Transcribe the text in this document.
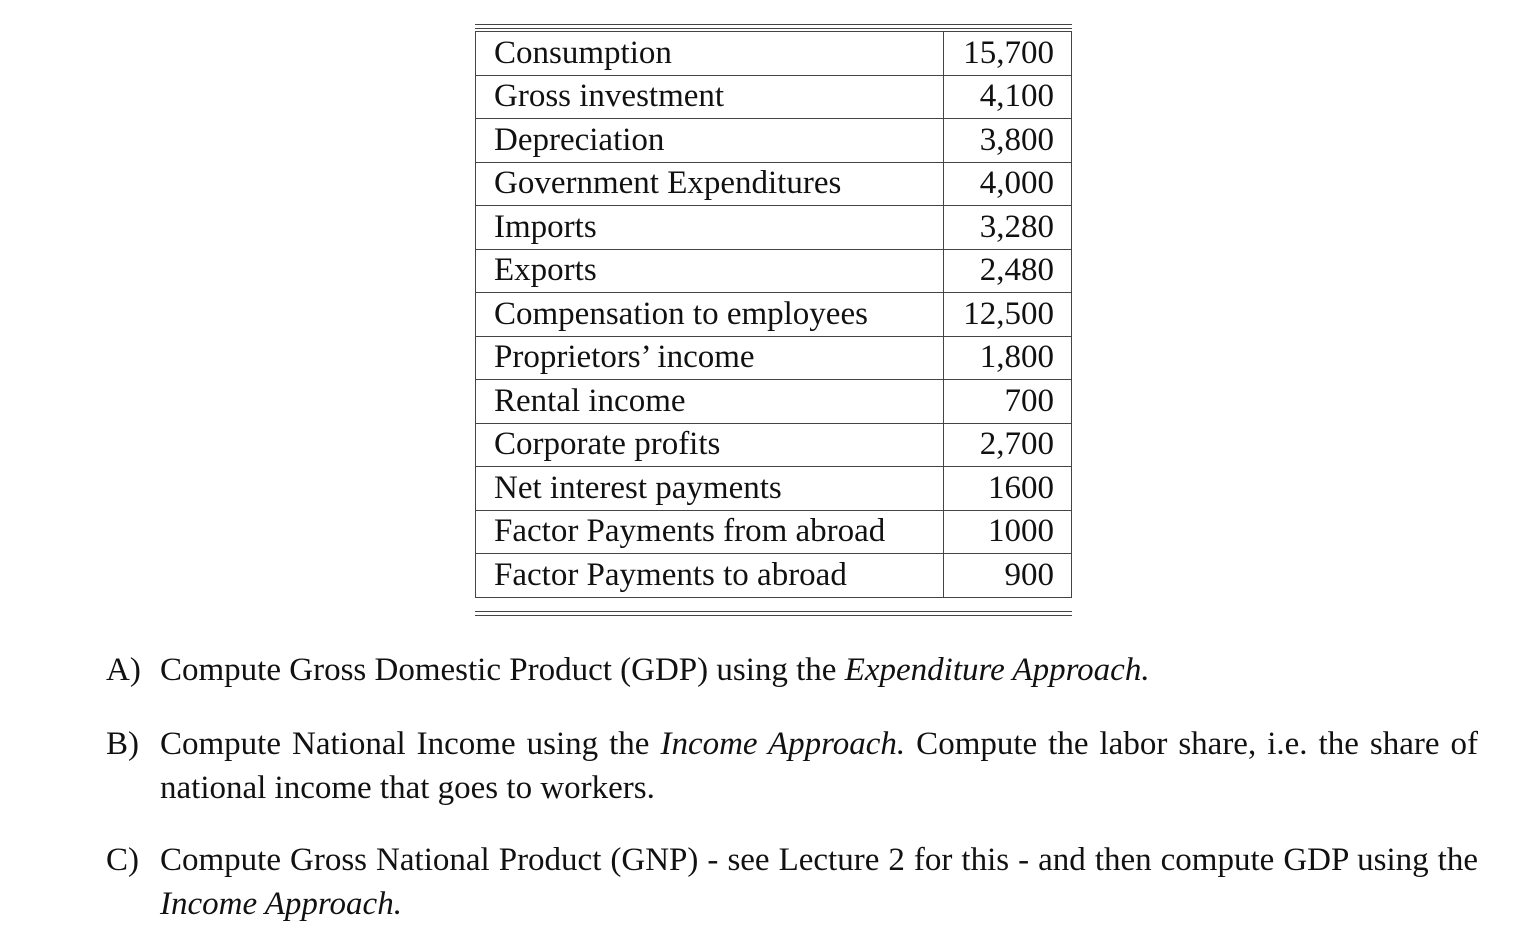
Consumption	15,700
Gross investment	4,100
Depreciation	3,800
Government Expenditures	4,000
Imports	3,280
Exports	2,480
Compensation to employees	12,500
Proprietors’ income	1,800
Rental income	700
Corporate profits	2,700
Net interest payments	1600
Factor Payments from abroad	1000
Factor Payments to abroad	900
A) Compute Gross Domestic Product (GDP) using the Expenditure Approach.
B) Compute National Income using the Income Approach. Compute the labor share, i.e. the share of national income that goes to workers.
C) Compute Gross National Product (GNP) - see Lecture 2 for this - and then compute GDP using the Income Approach.
